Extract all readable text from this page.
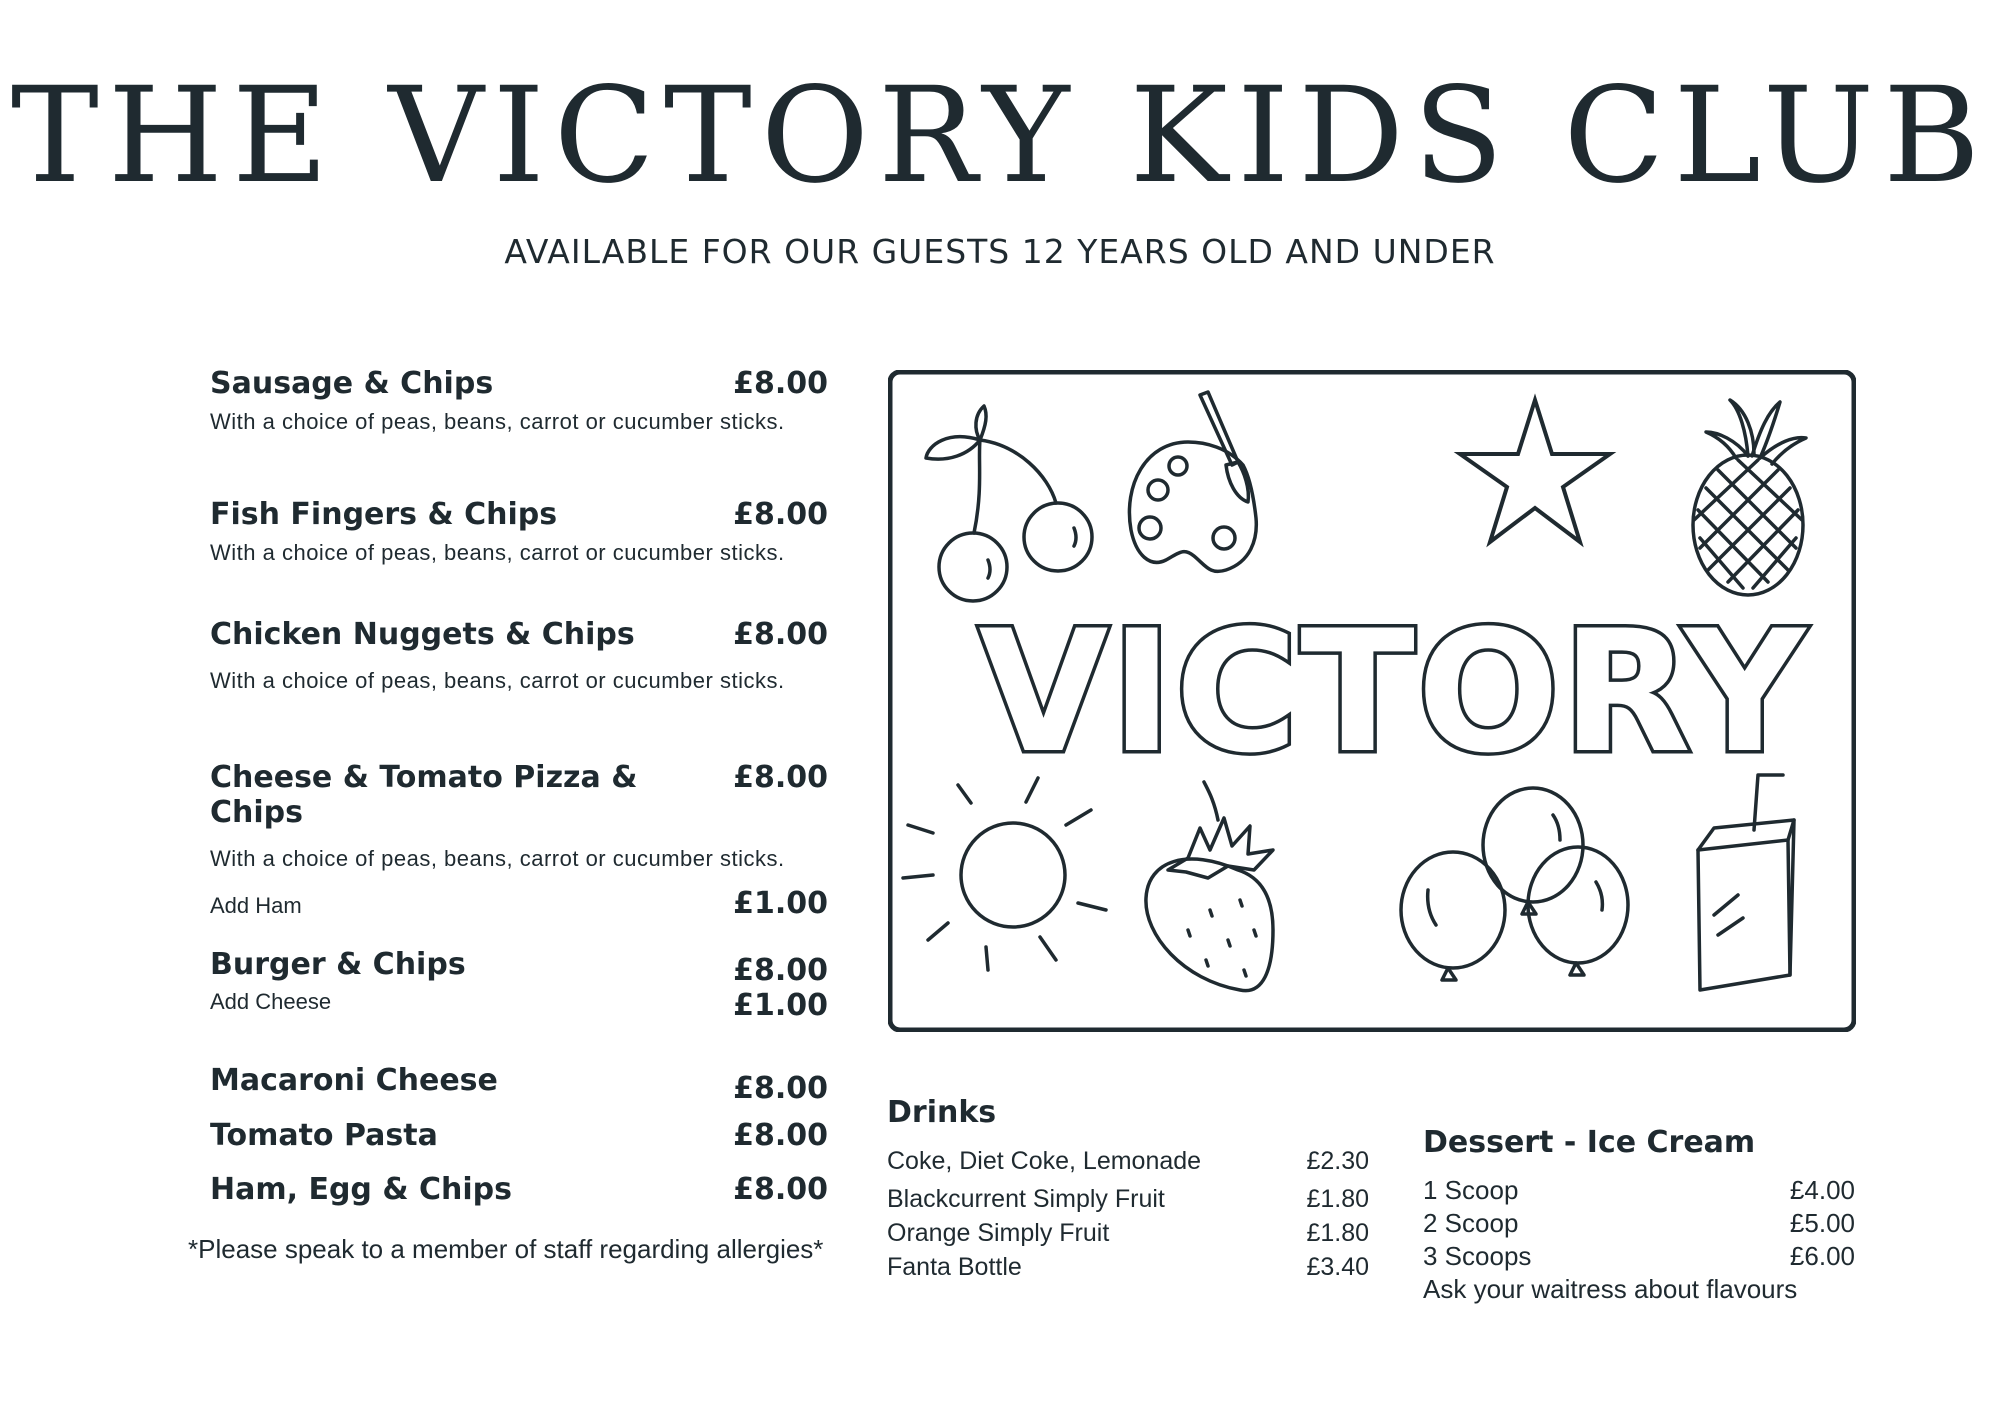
THE VICTORY KIDS CLUB
AVAILABLE FOR OUR GUESTS 12 YEARS OLD AND UNDER
Sausage & Chips	£8.00
With a choice of peas, beans, carrot or cucumber sticks.
Fish Fingers & Chips	£8.00
With a choice of peas, beans, carrot or cucumber sticks.
Chicken Nuggets & Chips	£8.00
With a choice of peas, beans, carrot or cucumber sticks.
Cheese & Tomato Pizza & Chips
£8.00
With a choice of peas, beans, carrot or cucumber sticks.
Add Ham	£1.00
Burger & Chips	£8.00
Add Cheese	£1.00
Macaroni Cheese	£8.00
Tomato Pasta	£8.00
Ham, Egg & Chips	£8.00
*Please speak to a member of staff regarding allergies*
VICTORY
Drinks
Coke, Diet Coke, Lemonade	£2.30
Blackcurrent Simply Fruit	£1.80
Orange Simply Fruit	£1.80
Fanta Bottle	£3.40
Dessert - Ice Cream
1 Scoop	£4.00
2 Scoop	£5.00
3 Scoops	£6.00
Ask your waitress about flavours
